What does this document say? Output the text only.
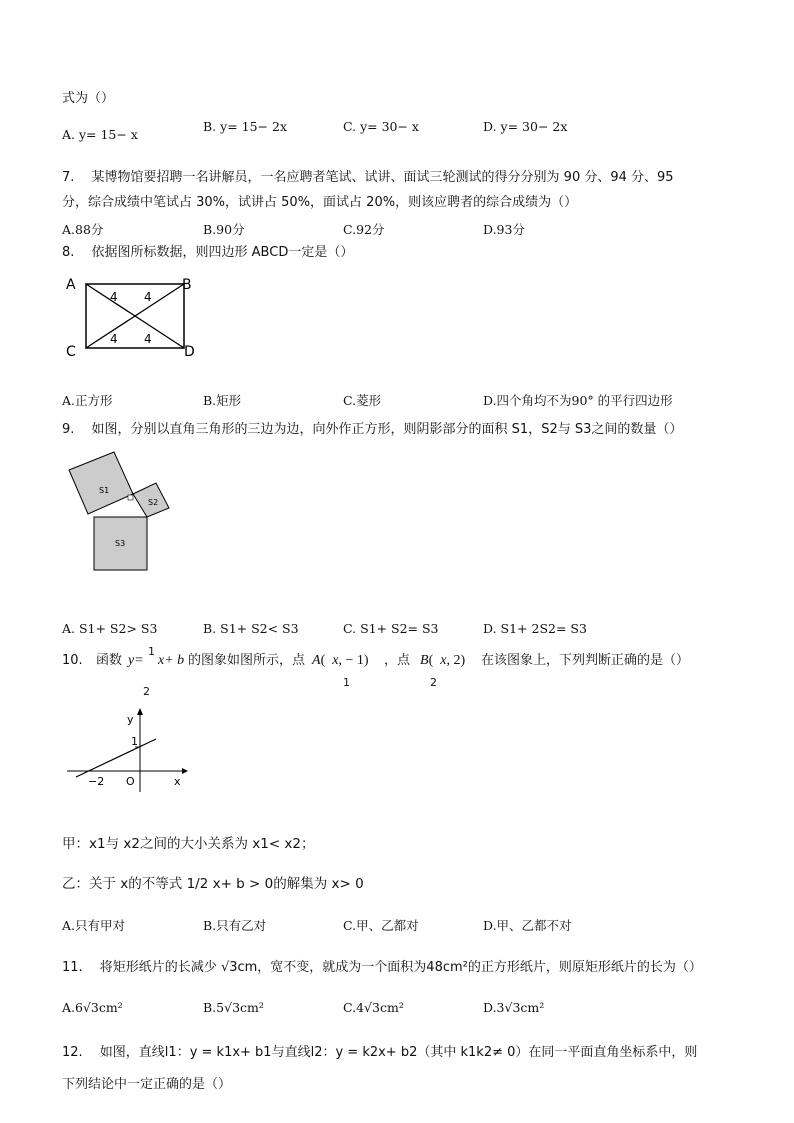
式为（）
A. y= 15− x
B. y= 15− 2x	C. y= 30− x	D. y= 30− 2x
7.　 某博物馆要招聘一名讲解员，一名应聘者笔试、试讲、面试三轮测试的得分分别为 90 分、94 分、95
分，综合成绩中笔试占 30%，试讲占 50%，面试占 20%，则该应聘者的综合成绩为（）
A.88分	B.90分	C.92分	D.93分
8.　 依据图所标数据，则四边形 ABCD一定是（）
A	B
C	D
4 4
4 4
A.正方形	B.矩形	C.菱形	D.四个角均不为90° 的平行四边形
9.　 如图，分别以直角三角形的三边为边，向外作正方形，则阴影部分的面积 S1，S2与 S3之间的数量（）
S1
S2
S3
A. S1+ S2> S3	B. S1+ S2< S3	C. S1+ S2= S3	D. S1+ 2S2= S3
10. 函数 y=
1
2
x+ b 的图象如图所示，点 A(  x, − 1)
1
，点 B(  x, 2)
2
在该图象上，下列判断正确的是（）
y
x
1
−2 O
甲：x1与 x2之间的大小关系为 x1< x2；
乙：关于 x的不等式 1/2 x+ b > 0的解集为 x> 0
A.只有甲对	B.只有乙对	C.甲、乙都对	D.甲、乙都不对
11.　 将矩形纸片的长减少 √3cm，宽不变，就成为一个面积为48cm²的正方形纸片，则原矩形纸片的长为（）
A.6√3cm²	B.5√3cm²	C.4√3cm²	D.3√3cm²
12.　 如图，直线l1：y = k1x+ b1与直线l2：y = k2x+ b2（其中 k1k2≠ 0）在同一平面直角坐标系中，则
下列结论中一定正确的是（）
